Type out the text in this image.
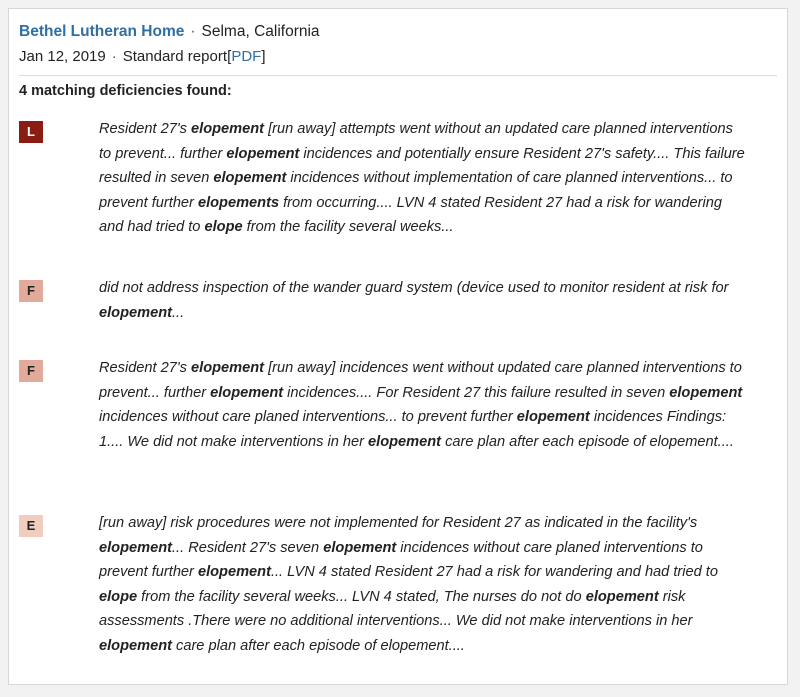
Bethel Lutheran Home · Selma, California
Jan 12, 2019 · Standard report [PDF]
4 matching deficiencies found:
L	Resident 27's elopement [run away] attempts went without an updated care planned interventions to prevent... further elopement incidences and potentially ensure Resident 27's safety.... This failure resulted in seven elopement incidences without implementation of care planned interventions... to prevent further elopements from occurring.... LVN 4 stated Resident 27 had a risk for wandering and had tried to elope from the facility several weeks...
F	did not address inspection of the wander guard system (device used to monitor resident at risk for elopement...
F	Resident 27's elopement [run away] incidences went without updated care planned interventions to prevent... further elopement incidences.... For Resident 27 this failure resulted in seven elopement incidences without care planed interventions... to prevent further elopement incidences Findings: 1.... We did not make interventions in her elopement care plan after each episode of elopement....
E	[run away] risk procedures were not implemented for Resident 27 as indicated in the facility's elopement... Resident 27's seven elopement incidences without care planed interventions to prevent further elopement... LVN 4 stated Resident 27 had a risk for wandering and had tried to elope from the facility several weeks... LVN 4 stated, The nurses do not do elopement risk assessments .There were no additional interventions... We did not make interventions in her elopement care plan after each episode of elopement....
